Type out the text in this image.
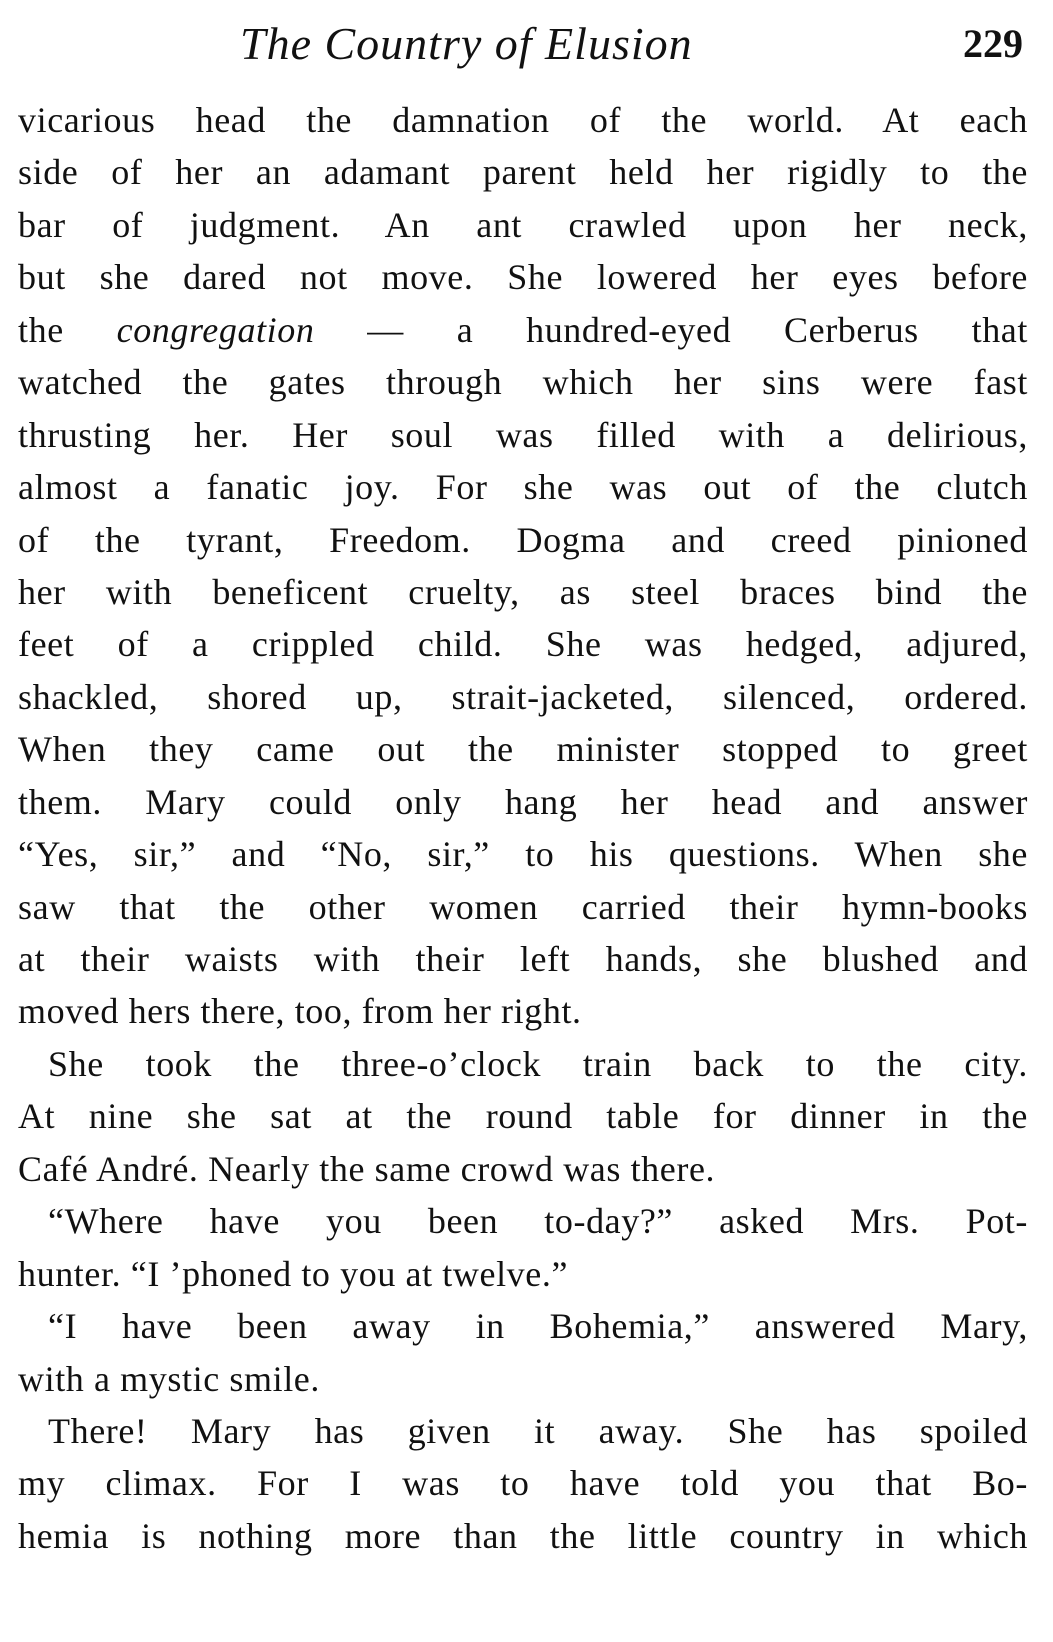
The Country of Elusion	229
vicarious head the damnation of the world. At each
side of her an adamant parent held her rigidly to the
bar of judgment. An ant crawled upon her neck,
but she dared not move. She lowered her eyes before
the congregation — a hundred-eyed Cerberus that
watched the gates through which her sins were fast
thrusting her. Her soul was filled with a delirious,
almost a fanatic joy. For she was out of the clutch
of the tyrant, Freedom. Dogma and creed pinioned
her with beneficent cruelty, as steel braces bind the
feet of a crippled child. She was hedged, adjured,
shackled, shored up, strait-jacketed, silenced, ordered.
When they came out the minister stopped to greet
them. Mary could only hang her head and answer
“Yes, sir,” and “No, sir,” to his questions. When she
saw that the other women carried their hymn-books
at their waists with their left hands, she blushed and
moved hers there, too, from her right.
She took the three-o’clock train back to the city.
At nine she sat at the round table for dinner in the
Café André. Nearly the same crowd was there.
“Where have you been to-day?” asked Mrs. Pot-
hunter. “I ’phoned to you at twelve.”
“I have been away in Bohemia,” answered Mary,
with a mystic smile.
There! Mary has given it away. She has spoiled
my climax. For I was to have told you that Bo-
hemia is nothing more than the little country in which
